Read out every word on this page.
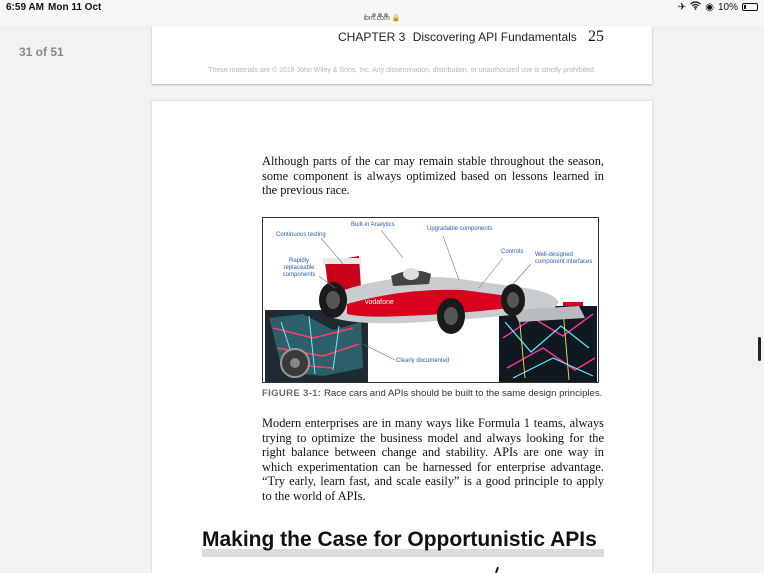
6:59 AM Mon 11 Oct
ibm.com 🔒
✈ ◉ 10%
31 of 51
CHAPTER 3 Discovering API Fundamentals 25
These materials are © 2018 John Wiley & Sons, Inc. Any dissemination, distribution, or unauthorized use is strictly prohibited.

Although parts of the car may remain stable throughout the season, some component is always optimized based on lessons learned in the previous race.

vodafone
Built-in Analytics
Continuous testing
Upgradable components
Rapidly replaceable components
Controls Well-designed component interfaces
Clearly documented
FIGURE 3-1: Race cars and APIs should be built to the same design principles.

Modern enterprises are in many ways like Formula 1 teams, always trying to optimize the business model and always looking for the right balance between change and stability. APIs are one way in which experimentation can be harnessed for enterprise advantage. “Try early, learn fast, and scale easily” is a good principle to apply to the world of APIs.

Making the Case for Opportunistic APIs
